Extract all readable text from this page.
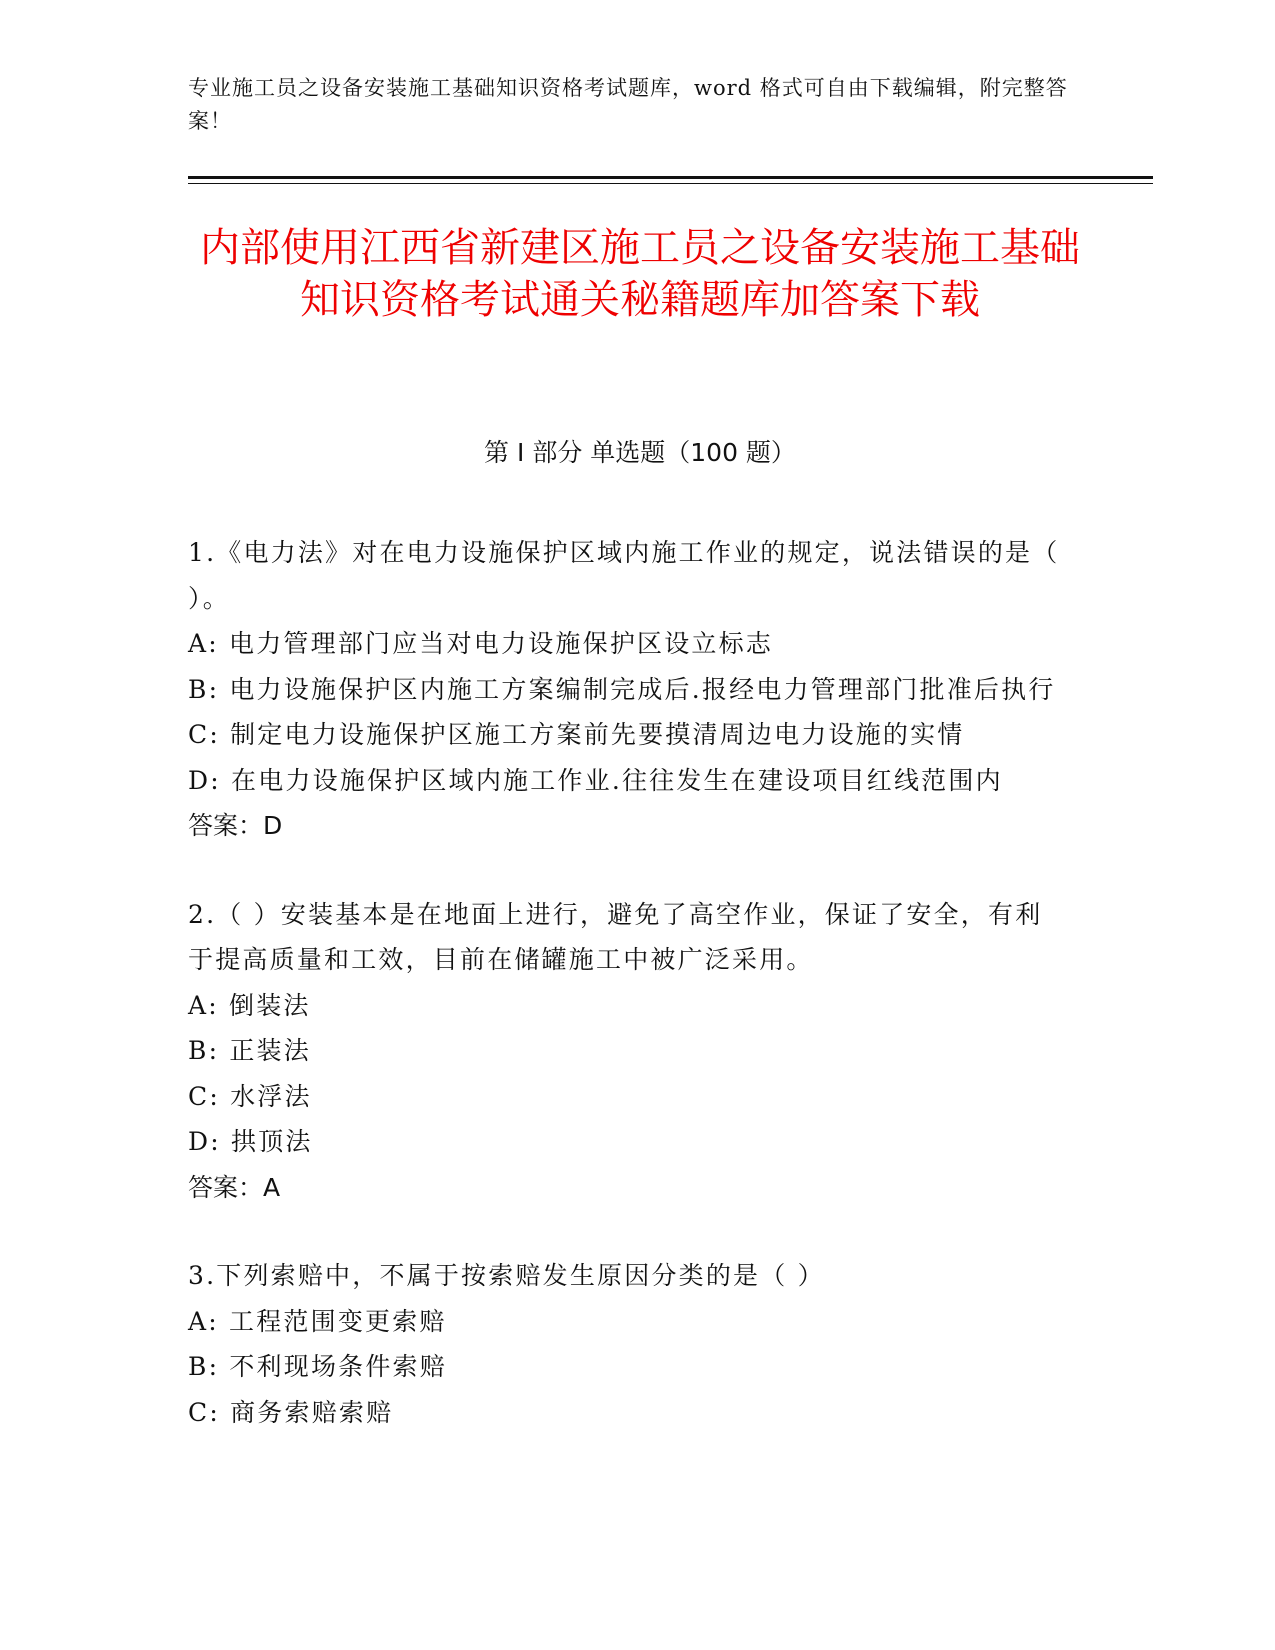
专业施工员之设备安装施工基础知识资格考试题库，word 格式可自由下载编辑，附完整答案！
内部使用江西省新建区施工员之设备安装施工基础知识资格考试通关秘籍题库加答案下载
第 I 部分 单选题（100 题）
1.《电力法》对在电力设施保护区域内施工作业的规定，说法错误的是（ ）。
A: 电力管理部门应当对电力设施保护区设立标志
B: 电力设施保护区内施工方案编制完成后.报经电力管理部门批准后执行
C: 制定电力设施保护区施工方案前先要摸清周边电力设施的实情
D: 在电力设施保护区域内施工作业.往往发生在建设项目红线范围内
答案：D
2.（ ）安装基本是在地面上进行，避免了高空作业，保证了安全，有利于提高质量和工效，目前在储罐施工中被广泛采用。
A: 倒装法
B: 正装法
C: 水浮法
D: 拱顶法
答案：A
3.下列索赔中，不属于按索赔发生原因分类的是（ ）
A: 工程范围变更索赔
B: 不利现场条件索赔
C: 商务索赔索赔
